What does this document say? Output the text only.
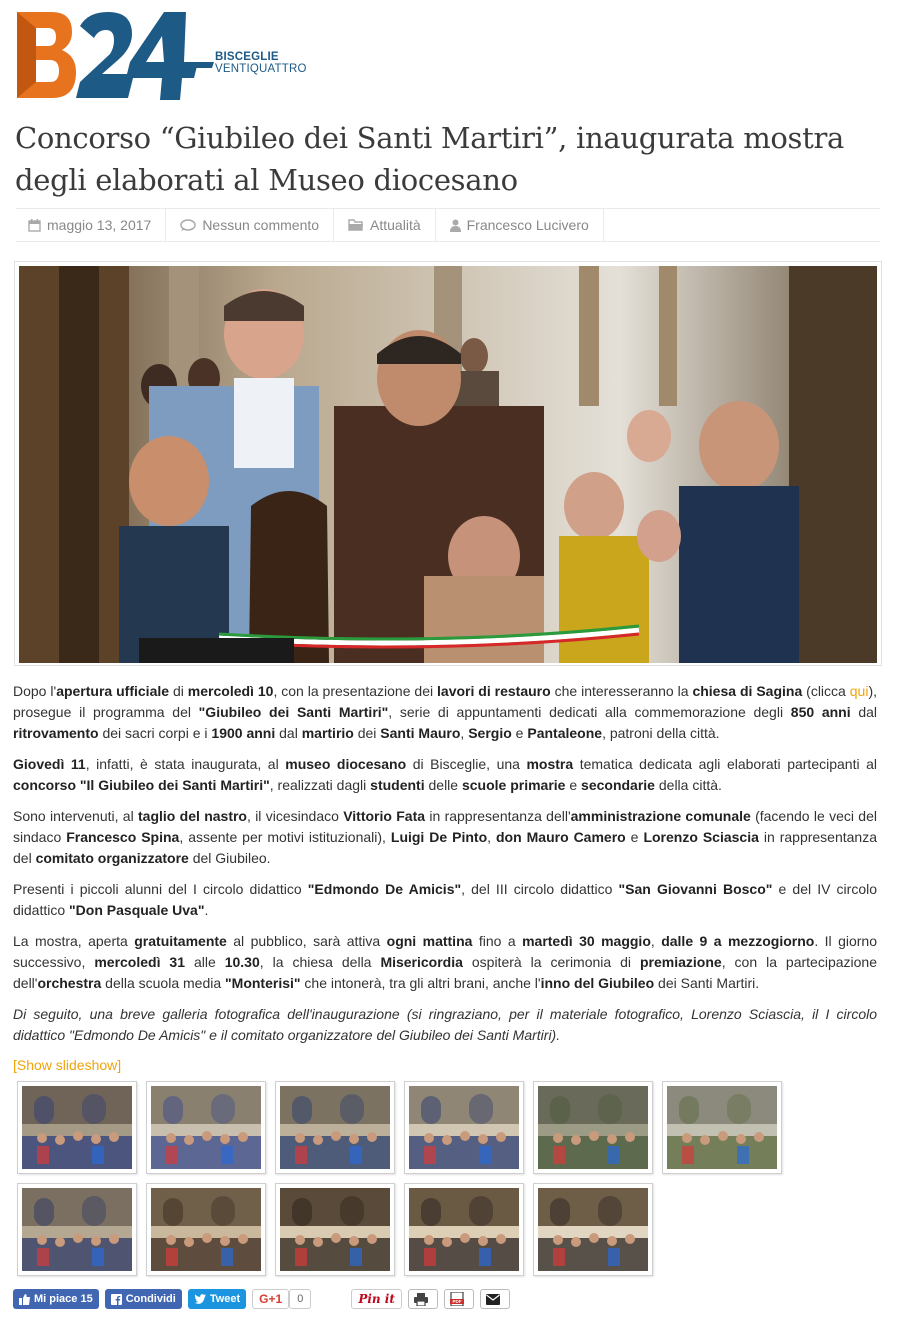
BISCEGLIE
VENTIQUATTRO
Concorso “Giubileo dei Santi Martiri”, inaugurata mostra degli elaborati al Museo diocesano
maggio 13, 2017	Nessun commento	Attualità	Francesco Lucivero

Dopo l'apertura ufficiale di mercoledì 10, con la presentazione dei lavori di restauro che interesseranno la chiesa di Sagina (clicca qui), prosegue il programma del "Giubileo dei Santi Martiri", serie di appuntamenti dedicati alla commemorazione degli 850 anni dal ritrovamento dei sacri corpi e i 1900 anni dal martirio dei Santi Mauro, Sergio e Pantaleone, patroni della città.

Giovedì 11, infatti, è stata inaugurata, al museo diocesano di Bisceglie, una mostra tematica dedicata agli elaborati partecipanti al concorso "Il Giubileo dei Santi Martiri", realizzati dagli studenti delle scuole primarie e secondarie della città.

Sono intervenuti, al taglio del nastro, il vicesindaco Vittorio Fata in rappresentanza dell'amministrazione comunale (facendo le veci del sindaco Francesco Spina, assente per motivi istituzionali), Luigi De Pinto, don Mauro Camero e Lorenzo Sciascia in rappresentanza del comitato organizzatore del Giubileo.

Presenti i piccoli alunni del I circolo didattico "Edmondo De Amicis", del III circolo didattico "San Giovanni Bosco" e del IV circolo didattico "Don Pasquale Uva".

La mostra, aperta gratuitamente al pubblico, sarà attiva ogni mattina fino a martedì 30 maggio, dalle 9 a mezzogiorno. Il giorno successivo, mercoledì 31 alle 10.30, la chiesa della Misericordia ospiterà la cerimonia di premiazione, con la partecipazione dell'orchestra della scuola media "Monterisi" che intonerà, tra gli altri brani, anche l'inno del Giubileo dei Santi Martiri.

Di seguito, una breve galleria fotografica dell'inaugurazione (si ringraziano, per il materiale fotografico, Lorenzo Sciascia, il I circolo didattico "Edmondo De Amicis" e il comitato organizzatore del Giubileo dei Santi Martiri).

[Show slideshow]
Mi piace 15	Condividi	Tweet	G+1	0	Pin it	PDF
